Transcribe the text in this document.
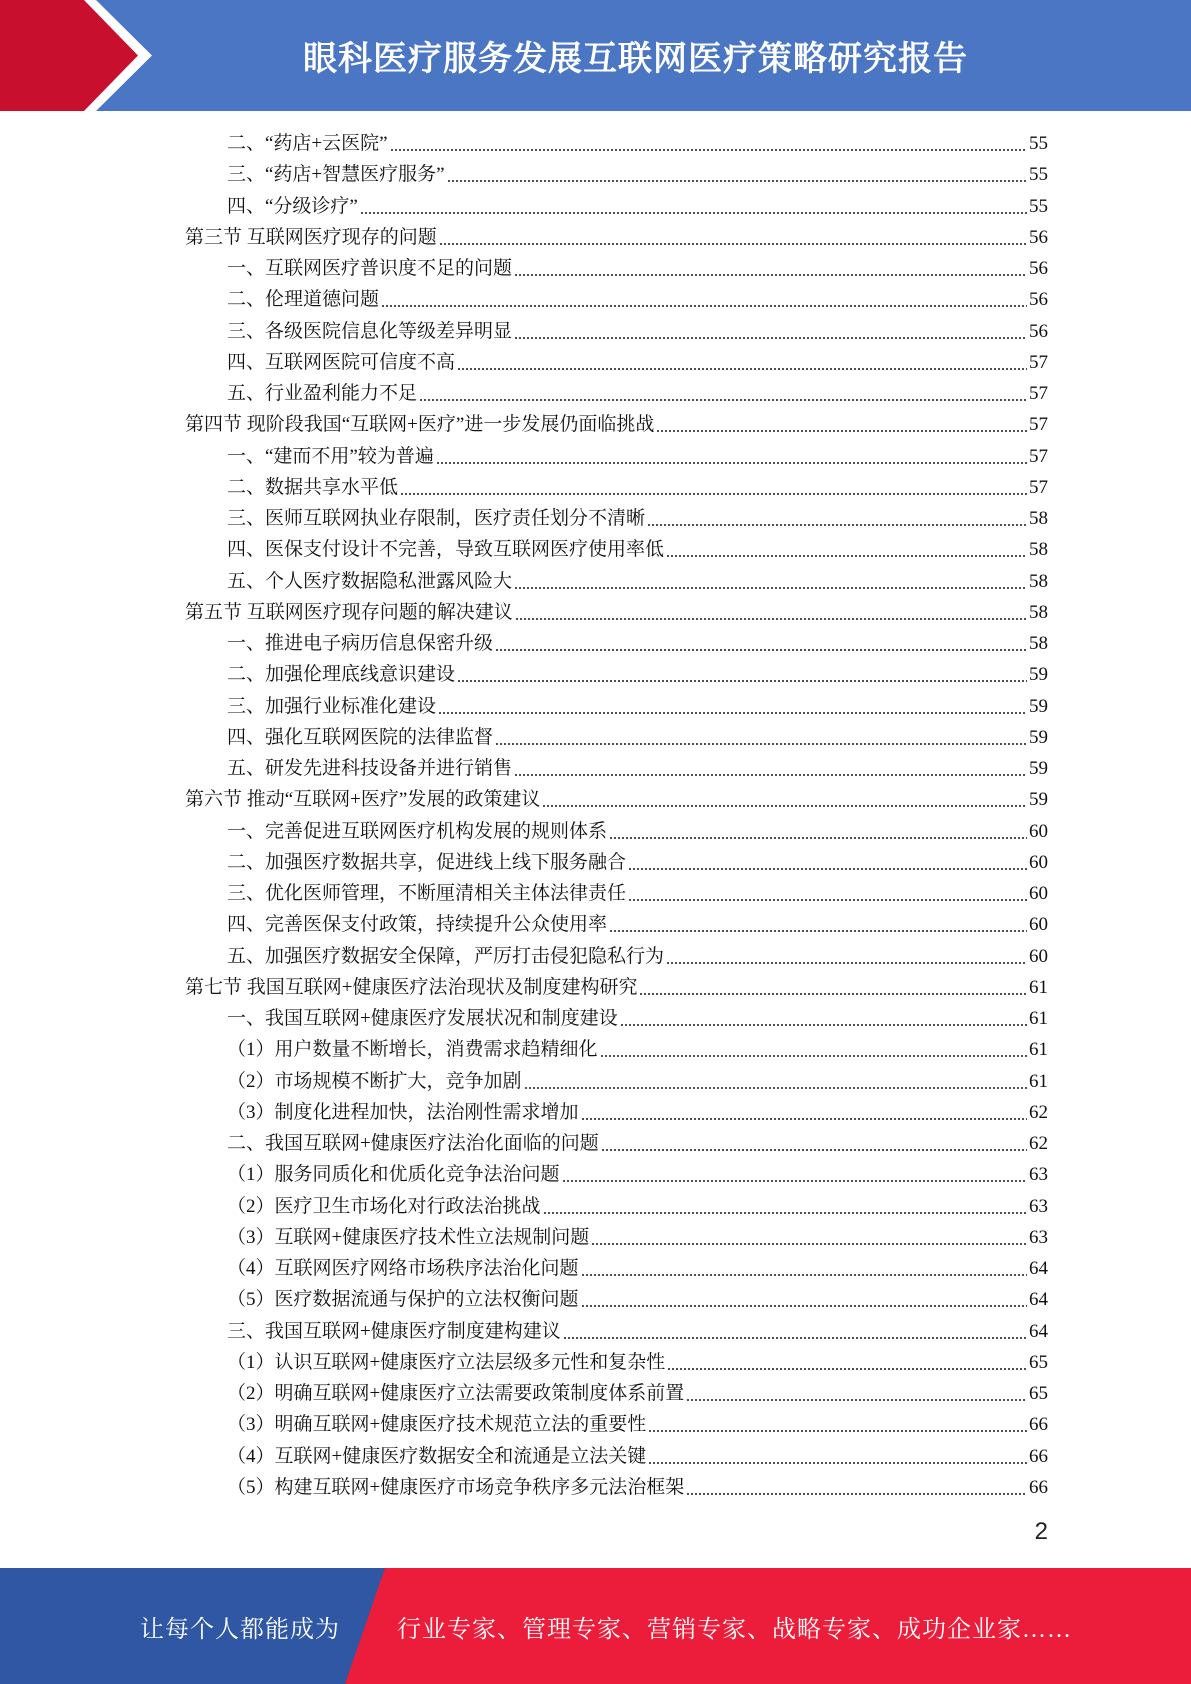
眼科医疗服务发展互联网医疗策略研究报告
二、“药店+云医院”	55
三、“药店+智慧医疗服务”	55
四、“分级诊疗”	55
第三节 互联网医疗现存的问题	56
一、互联网医疗普识度不足的问题	56
二、伦理道德问题	56
三、各级医院信息化等级差异明显	56
四、互联网医院可信度不高	57
五、行业盈利能力不足	57
第四节 现阶段我国“互联网+医疗”进一步发展仍面临挑战	57
一、“建而不用”较为普遍	57
二、数据共享水平低	57
三、医师互联网执业存限制，医疗责任划分不清晰	58
四、医保支付设计不完善，导致互联网医疗使用率低	58
五、个人医疗数据隐私泄露风险大	58
第五节 互联网医疗现存问题的解决建议	58
一、推进电子病历信息保密升级	58
二、加强伦理底线意识建设	59
三、加强行业标准化建设	59
四、强化互联网医院的法律监督	59
五、研发先进科技设备并进行销售	59
第六节 推动“互联网+医疗”发展的政策建议	59
一、完善促进互联网医疗机构发展的规则体系	60
二、加强医疗数据共享，促进线上线下服务融合	60
三、优化医师管理，不断厘清相关主体法律责任	60
四、完善医保支付政策，持续提升公众使用率	60
五、加强医疗数据安全保障，严厉打击侵犯隐私行为	60
第七节 我国互联网+健康医疗法治现状及制度建构研究	61
一、我国互联网+健康医疗发展状况和制度建设	61
（1）用户数量不断增长，消费需求趋精细化	61
（2）市场规模不断扩大，竞争加剧	61
（3）制度化进程加快，法治刚性需求增加	62
二、我国互联网+健康医疗法治化面临的问题	62
（1）服务同质化和优质化竞争法治问题	63
（2）医疗卫生市场化对行政法治挑战	63
（3）互联网+健康医疗技术性立法规制问题	63
（4）互联网医疗网络市场秩序法治化问题	64
（5）医疗数据流通与保护的立法权衡问题	64
三、我国互联网+健康医疗制度建构建议	64
（1）认识互联网+健康医疗立法层级多元性和复杂性	65
（2）明确互联网+健康医疗立法需要政策制度体系前置	65
（3）明确互联网+健康医疗技术规范立法的重要性	66
（4）互联网+健康医疗数据安全和流通是立法关键	66
（5）构建互联网+健康医疗市场竞争秩序多元法治框架	66
2
让每个人都能成为 行业专家、管理专家、营销专家、战略专家、成功企业家……
